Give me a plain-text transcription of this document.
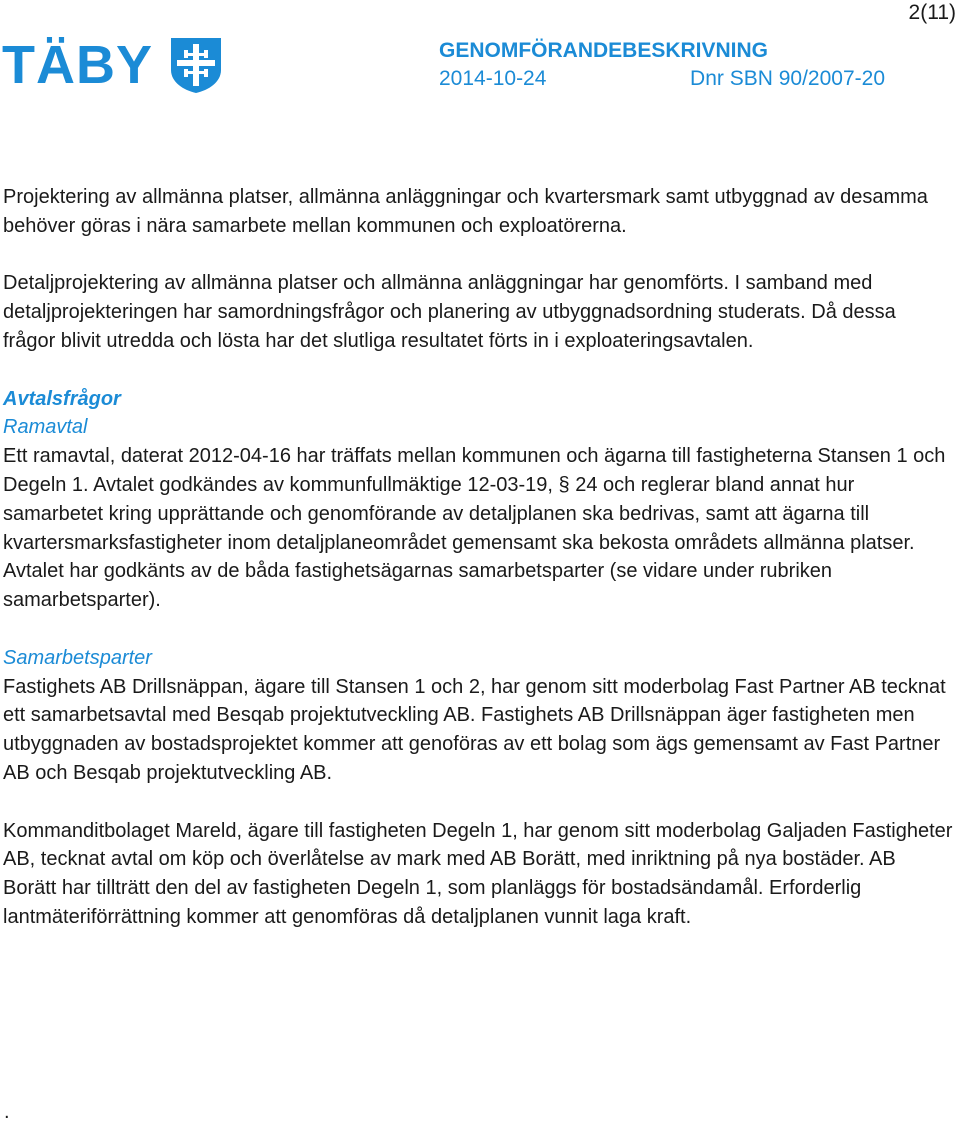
2(11)
TÄBY	GENOMFÖRANDEBESKRIVNING
2014-10-24	Dnr SBN 90/2007-20

Projektering av allmänna platser, allmänna anläggningar och kvartersmark samt utbyggnad av desamma behöver göras i nära samarbete mellan kommunen och exploatörerna.

Detaljprojektering av allmänna platser och allmänna anläggningar har genomförts. I samband med detaljprojekteringen har samordningsfrågor och planering av utbyggnadsordning studerats. Då dessa frågor blivit utredda och lösta har det slutliga resultatet förts in i exploateringsavtalen.

Avtalsfrågor

Ramavtal

Ett ramavtal, daterat 2012-04-16 har träffats mellan kommunen och ägarna till fastigheterna Stansen 1 och Degeln 1. Avtalet godkändes av kommunfullmäktige 12-03-19, § 24 och reglerar bland annat hur samarbetet kring upprättande och genomförande av detaljplanen ska bedrivas, samt att ägarna till kvartersmarksfastigheter inom detaljplaneområdet gemensamt ska bekosta områdets allmänna platser. Avtalet har godkänts av de båda fastighetsägarnas samarbetsparter (se vidare under rubriken samarbetsparter).

Samarbetsparter

Fastighets AB Drillsnäppan, ägare till Stansen 1 och 2, har genom sitt moderbolag Fast Partner AB tecknat ett samarbetsavtal med Besqab projektutveckling AB. Fastighets AB Drillsnäppan äger fastigheten men utbyggnaden av bostadsprojektet kommer att genoföras av ett bolag som ägs gemensamt av Fast Partner AB och Besqab projektutveckling AB.

Kommanditbolaget Mareld, ägare till fastigheten Degeln 1, har genom sitt moderbolag Galjaden Fastigheter AB, tecknat avtal om köp och överlåtelse av mark med AB Borätt, med inriktning på nya bostäder. AB Borätt har tillträtt den del av fastigheten Degeln 1, som planläggs för bostadsändamål. Erforderlig lantmäteriförrättning kommer att genomföras då detaljplanen vunnit laga kraft.

.
